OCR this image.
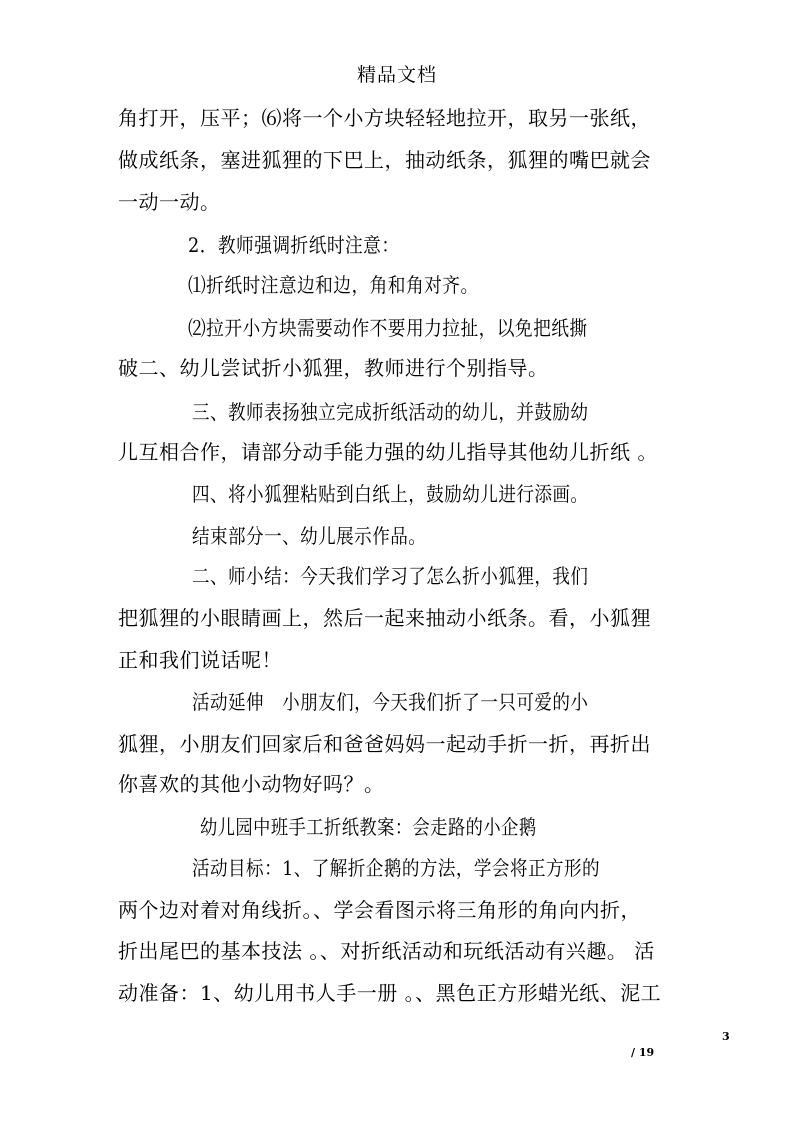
精品文档
角打开，压平；⑹将一个小方块轻轻地拉开，取另一张纸，
做成纸条，塞进狐狸的下巴上，抽动纸条，狐狸的嘴巴就会
一动一动。
2．教师强调折纸时注意：
⑴折纸时注意边和边，角和角对齐。
⑵拉开小方块需要动作不要用力拉扯，以免把纸撕
破二、幼儿尝试折小狐狸，教师进行个别指导。
三、教师表扬独立完成折纸活动的幼儿，并鼓励幼
儿互相合作，请部分动手能力强的幼儿指导其他幼儿折纸 。
四、将小狐狸粘贴到白纸上，鼓励幼儿进行添画。
结束部分一、幼儿展示作品。
二、师小结：今天我们学习了怎么折小狐狸，我们
把狐狸的小眼睛画上，然后一起来抽动小纸条。看，小狐狸
正和我们说话呢！
活动延伸　小朋友们，今天我们折了一只可爱的小
狐狸，小朋友们回家后和爸爸妈妈一起动手折一折，再折出
你喜欢的其他小动物好吗？。
幼儿园中班手工折纸教案：会走路的小企鹅
活动目标：1、了解折企鹅的方法，学会将正方形的
两个边对着对角线折。、学会看图示将三角形的角向内折，
折出尾巴的基本技法 。、对折纸活动和玩纸活动有兴趣。 活
动准备：1、幼儿用书人手一册 。、黑色正方形蜡光纸、泥工
3
/ 19
